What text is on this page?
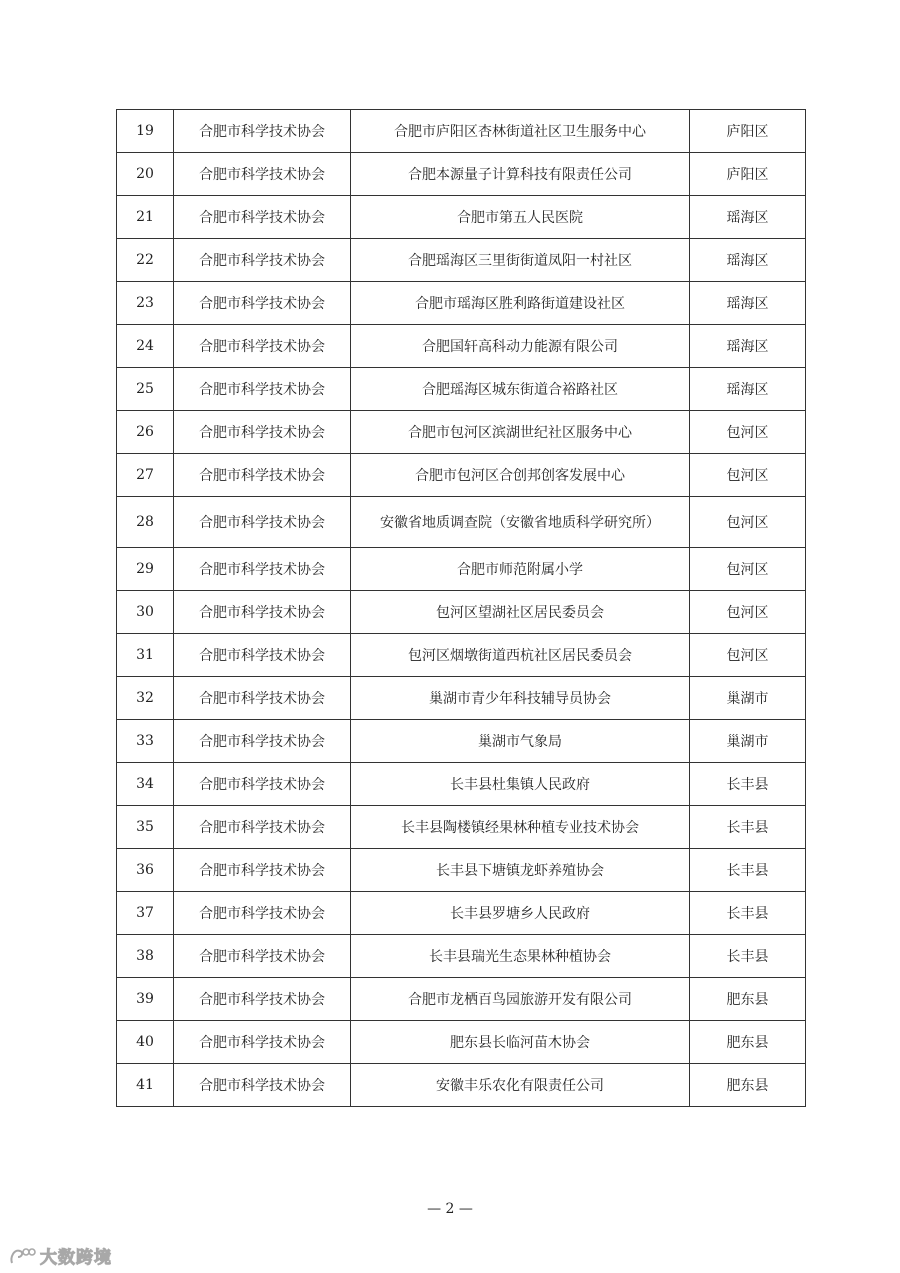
19	合肥市科学技术协会	合肥市庐阳区杏林街道社区卫生服务中心	庐阳区
20	合肥市科学技术协会	合肥本源量子计算科技有限责任公司	庐阳区
21	合肥市科学技术协会	合肥市第五人民医院	瑶海区
22	合肥市科学技术协会	合肥瑶海区三里街街道凤阳一村社区	瑶海区
23	合肥市科学技术协会	合肥市瑶海区胜利路街道建设社区	瑶海区
24	合肥市科学技术协会	合肥国轩高科动力能源有限公司	瑶海区
25	合肥市科学技术协会	合肥瑶海区城东街道合裕路社区	瑶海区
26	合肥市科学技术协会	合肥市包河区滨湖世纪社区服务中心	包河区
27	合肥市科学技术协会	合肥市包河区合创邦创客发展中心	包河区
28	合肥市科学技术协会	安徽省地质调查院（安徽省地质科学研究所）	包河区
29	合肥市科学技术协会	合肥市师范附属小学	包河区
30	合肥市科学技术协会	包河区望湖社区居民委员会	包河区
31	合肥市科学技术协会	包河区烟墩街道西杭社区居民委员会	包河区
32	合肥市科学技术协会	巢湖市青少年科技辅导员协会	巢湖市
33	合肥市科学技术协会	巢湖市气象局	巢湖市
34	合肥市科学技术协会	长丰县杜集镇人民政府	长丰县
35	合肥市科学技术协会	长丰县陶楼镇经果林种植专业技术协会	长丰县
36	合肥市科学技术协会	长丰县下塘镇龙虾养殖协会	长丰县
37	合肥市科学技术协会	长丰县罗塘乡人民政府	长丰县
38	合肥市科学技术协会	长丰县瑞光生态果林种植协会	长丰县
39	合肥市科学技术协会	合肥市龙栖百鸟园旅游开发有限公司	肥东县
40	合肥市科学技术协会	肥东县长临河苗木协会	肥东县
41	合肥市科学技术协会	安徽丰乐农化有限责任公司	肥东县
— 2 —
大数跨境
